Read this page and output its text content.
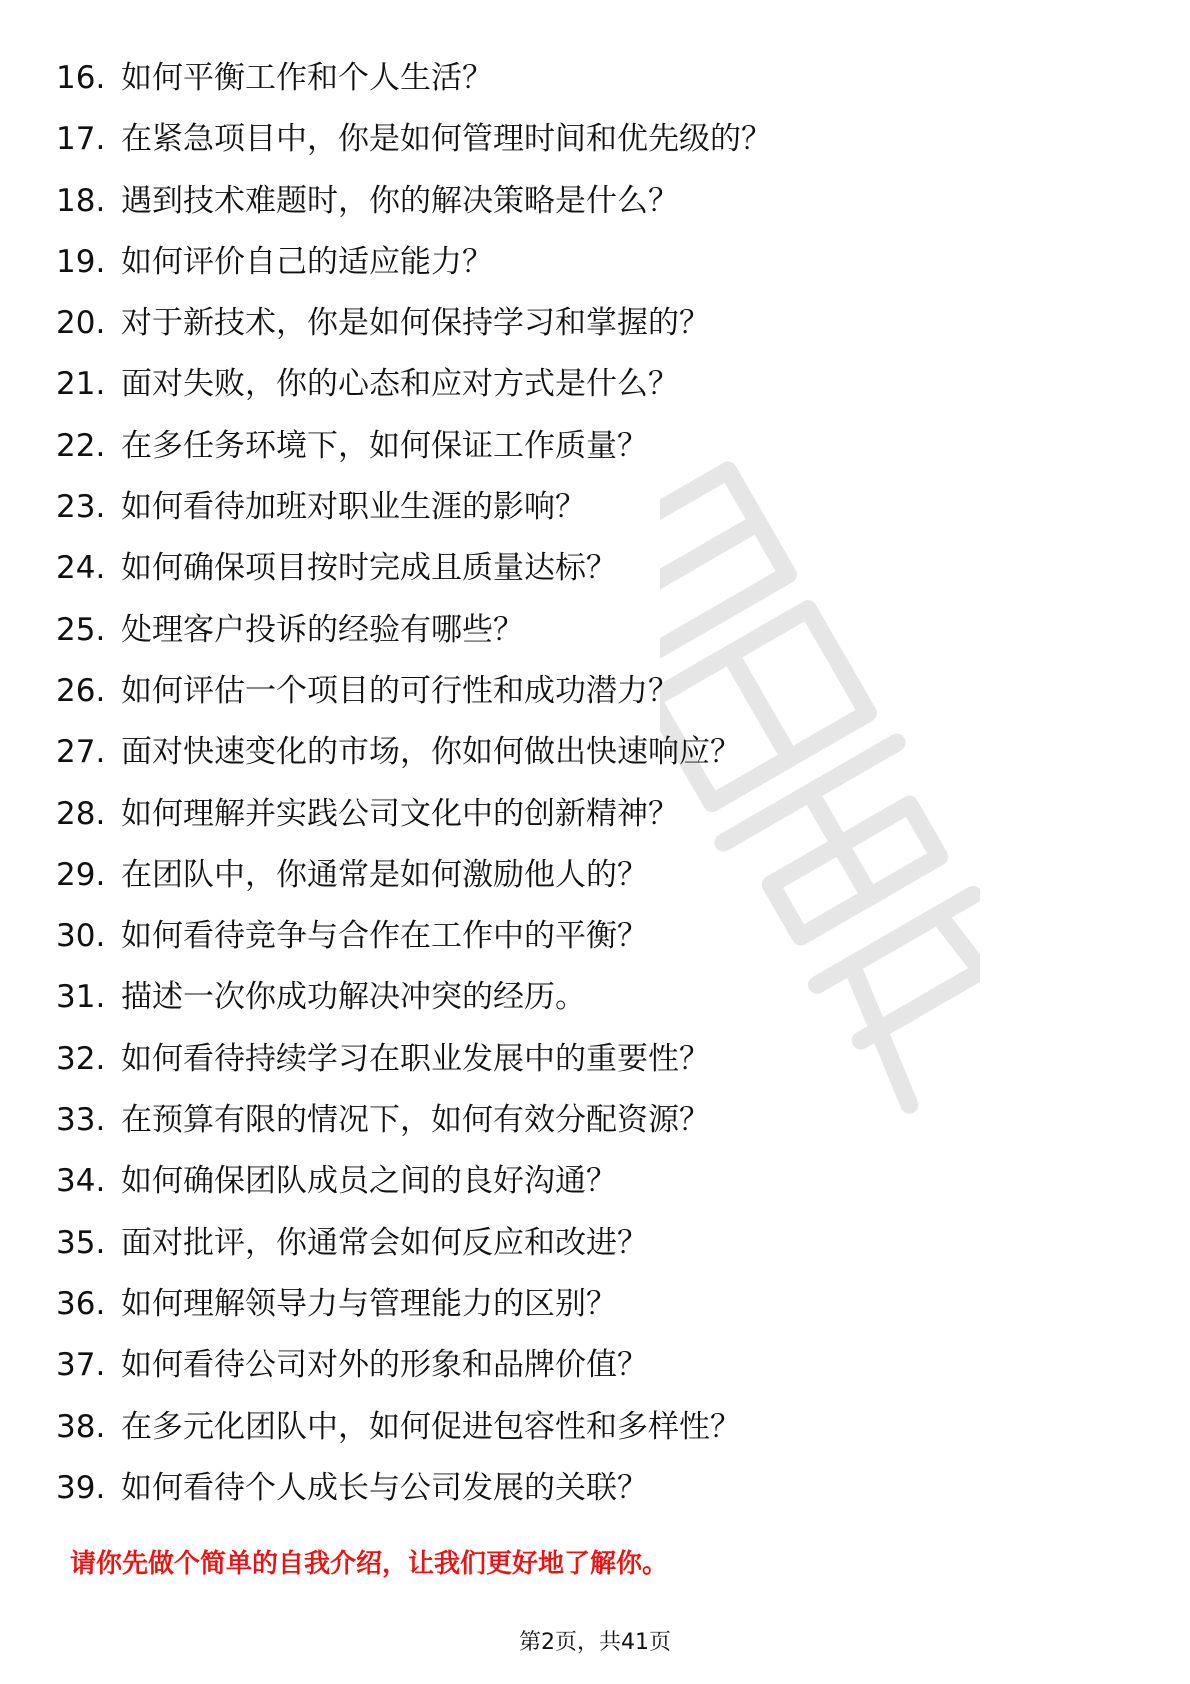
16. 如何平衡工作和个人生活？
17. 在紧急项目中，你是如何管理时间和优先级的？
18. 遇到技术难题时，你的解决策略是什么？
19. 如何评价自己的适应能力？
20. 对于新技术，你是如何保持学习和掌握的？
21. 面对失败，你的心态和应对方式是什么？
22. 在多任务环境下，如何保证工作质量？
23. 如何看待加班对职业生涯的影响？
24. 如何确保项目按时完成且质量达标？
25. 处理客户投诉的经验有哪些？
26. 如何评估一个项目的可行性和成功潜力？
27. 面对快速变化的市场，你如何做出快速响应？
28. 如何理解并实践公司文化中的创新精神？
29. 在团队中，你通常是如何激励他人的？
30. 如何看待竞争与合作在工作中的平衡？
31. 描述一次你成功解决冲突的经历。
32. 如何看待持续学习在职业发展中的重要性？
33. 在预算有限的情况下，如何有效分配资源？
34. 如何确保团队成员之间的良好沟通？
35. 面对批评，你通常会如何反应和改进？
36. 如何理解领导力与管理能力的区别？
37. 如何看待公司对外的形象和品牌价值？
38. 在多元化团队中，如何促进包容性和多样性？
39. 如何看待个人成长与公司发展的关联？
请你先做个简单的自我介绍，让我们更好地了解你。
第2页，共41页
